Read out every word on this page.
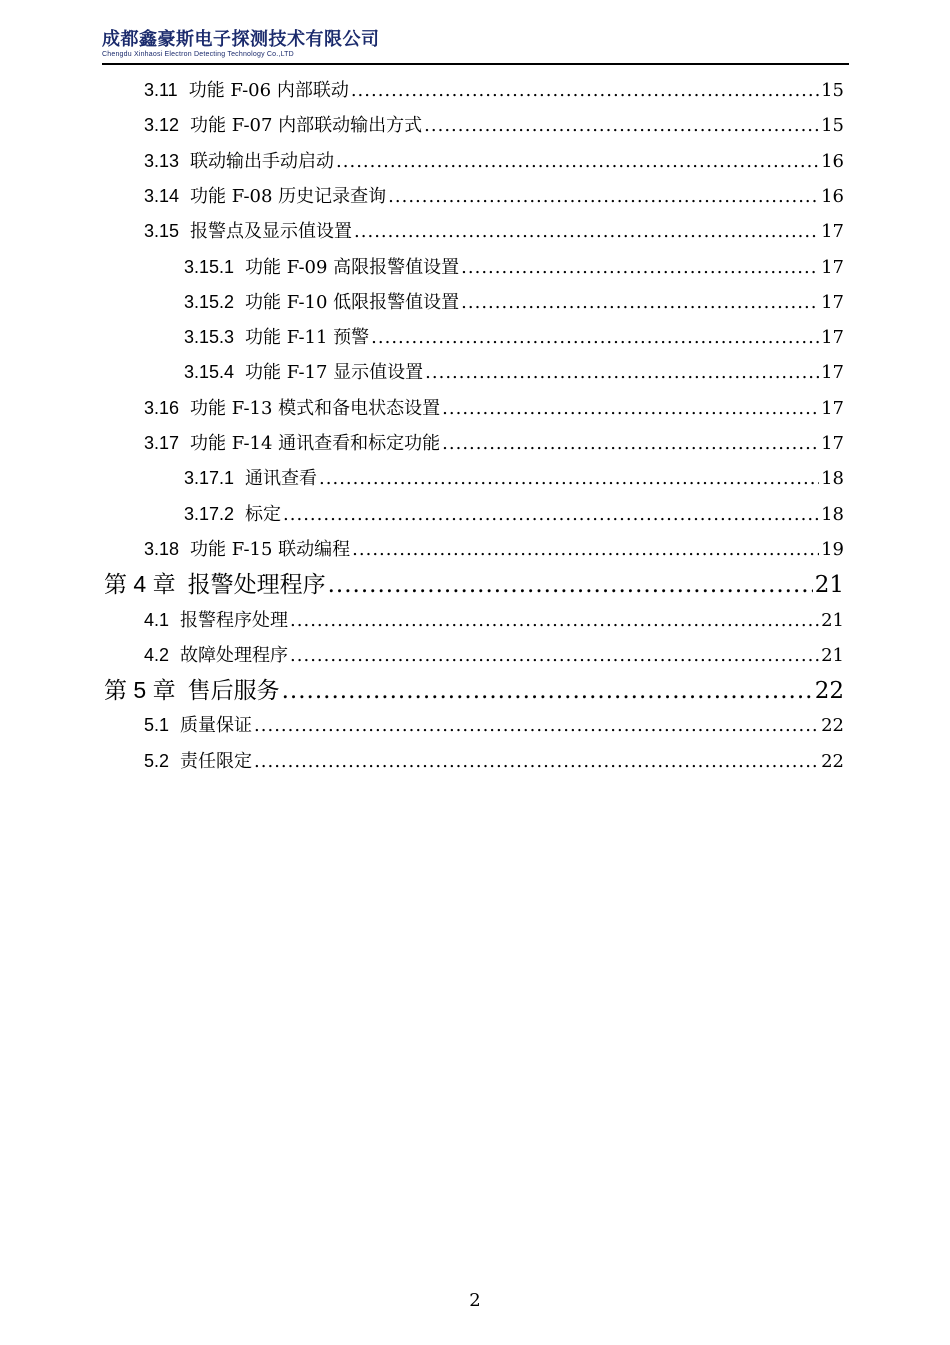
成都鑫豪斯电子探测技术有限公司
Chengdu Xinhaosi Electron Detecting Technology Co.,LTD
3.11 功能 F-06 内部联动 .....	15
3.12 功能 F-07 内部联动输出方式 .....	15
3.13 联动输出手动启动 .....	16
3.14 功能 F-08 历史记录查询 .....	16
3.15 报警点及显示值设置 .....	17
3.15.1 功能 F-09 高限报警值设置 .....	17
3.15.2 功能 F-10 低限报警值设置 .....	17
3.15.3 功能 F-11 预警 .....	17
3.15.4 功能 F-17 显示值设置 .....	17
3.16 功能 F-13 模式和备电状态设置 .....	17
3.17 功能 F-14 通讯查看和标定功能 .....	17
3.17.1 通讯查看 .....	18
3.17.2 标定 .....	18
3.18 功能 F-15 联动编程 .....	19
第 4 章 报警处理程序 .....	21
4.1 报警程序处理 .....	21
4.2 故障处理程序 .....	21
第 5 章 售后服务 .....	22
5.1 质量保证 .....	22
5.2 责任限定 .....	22
2
